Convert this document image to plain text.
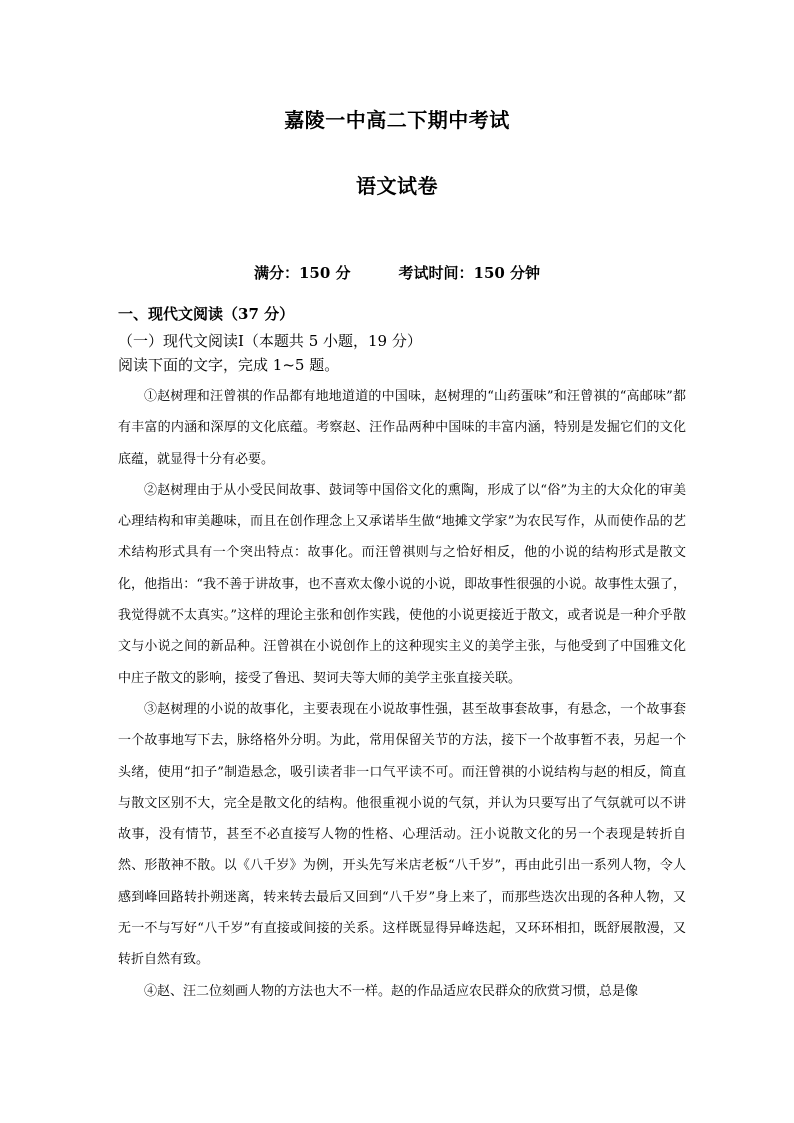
嘉陵一中高二下期中考试
语文试卷
满分：150 分	考试时间：150 分钟
一、现代文阅读（37 分）
（一）现代文阅读Ⅰ（本题共 5 小题，19 分）
阅读下面的文字，完成 1~5 题。

①赵树理和汪曾祺的作品都有地地道道的中国味，赵树理的“山药蛋味”和汪曾祺的“高邮味”都有丰富的内涵和深厚的文化底蕴。考察赵、汪作品两种中国味的丰富内涵，特别是发掘它们的文化底蕴，就显得十分有必要。

②赵树理由于从小受民间故事、鼓词等中国俗文化的熏陶，形成了以“俗”为主的大众化的审美心理结构和审美趣味，而且在创作理念上又承诺毕生做“地摊文学家”为农民写作，从而使作品的艺术结构形式具有一个突出特点：故事化。而汪曾祺则与之恰好相反，他的小说的结构形式是散文化，他指出：“我不善于讲故事，也不喜欢太像小说的小说，即故事性很强的小说。故事性太强了，我觉得就不太真实。”这样的理论主张和创作实践，使他的小说更接近于散文，或者说是一种介乎散文与小说之间的新品种。汪曾祺在小说创作上的这种现实主义的美学主张，与他受到了中国雅文化中庄子散文的影响，接受了鲁迅、契诃夫等大师的美学主张直接关联。

③赵树理的小说的故事化，主要表现在小说故事性强，甚至故事套故事，有悬念，一个故事套一个故事地写下去，脉络格外分明。为此，常用保留关节的方法，接下一个故事暂不表，另起一个头绪，使用“扣子”制造悬念，吸引读者非一口气平读不可。而汪曾祺的小说结构与赵的相反，简直与散文区别不大，完全是散文化的结构。他很重视小说的气氛，并认为只要写出了气氛就可以不讲故事，没有情节，甚至不必直接写人物的性格、心理活动。汪小说散文化的另一个表现是转折自然、形散神不散。以《八千岁》为例，开头先写米店老板“八千岁”，再由此引出一系列人物，令人感到峰回路转扑朔迷离，转来转去最后又回到“八千岁”身上来了，而那些迭次出现的各种人物，又无一不与写好“八千岁”有直接或间接的关系。这样既显得异峰迭起，又环环相扣，既舒展散漫，又转折自然有致。

④赵、汪二位刻画人物的方法也大不一样。赵的作品适应农民群众的欣赏习惯，总是像
